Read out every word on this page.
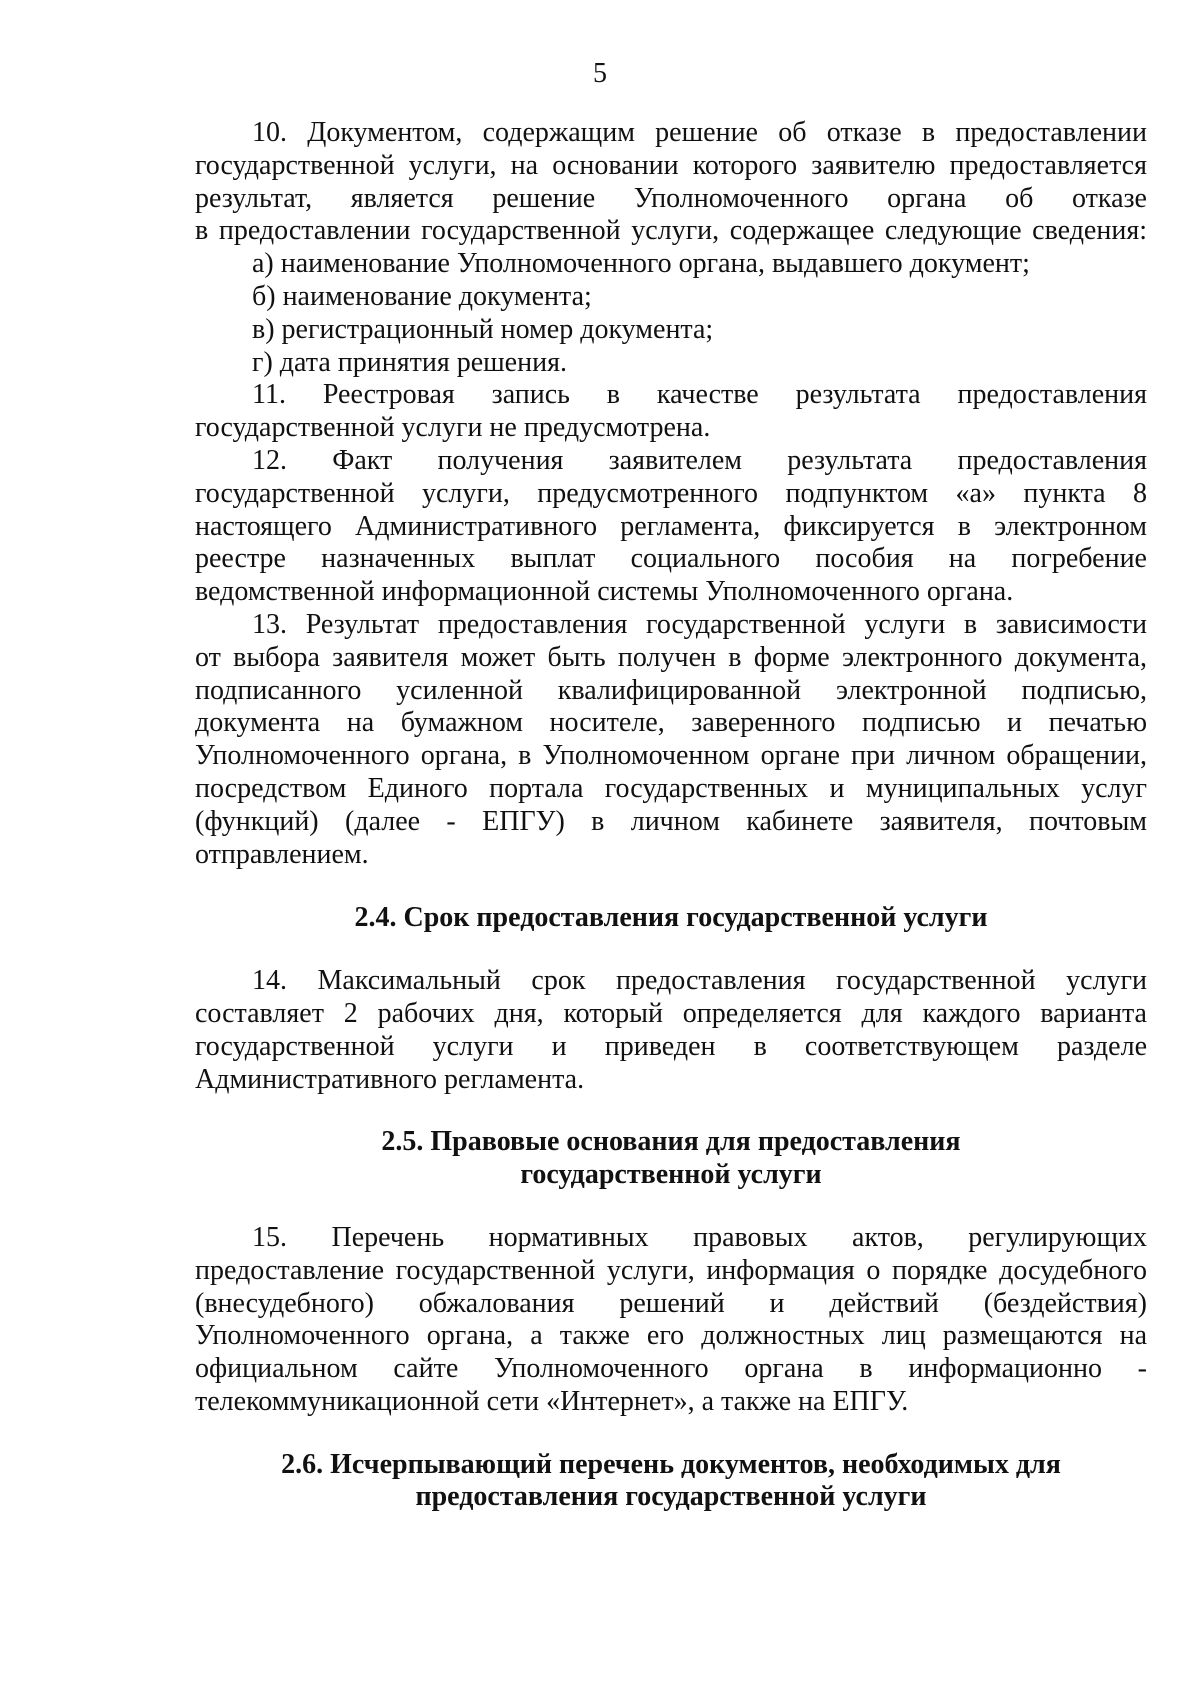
5
10. Документом, содержащим решение об отказе в предоставлении
государственной услуги, на основании которого заявителю предоставляется
результат, является решение Уполномоченного органа об отказе
в предоставлении государственной услуги, содержащее следующие сведения:
а) наименование Уполномоченного органа, выдавшего документ;
б) наименование документа;
в) регистрационный номер документа;
г) дата принятия решения.
11. Реестровая запись в качестве результата предоставления
государственной услуги не предусмотрена.
12. Факт получения заявителем результата предоставления
государственной услуги, предусмотренного подпунктом «а» пункта 8
настоящего Административного регламента, фиксируется в электронном
реестре назначенных выплат социального пособия на погребение
ведомственной информационной системы Уполномоченного органа.
13. Результат предоставления государственной услуги в зависимости
от выбора заявителя может быть получен в форме электронного документа,
подписанного усиленной квалифицированной электронной подписью,
документа на бумажном носителе, заверенного подписью и печатью
Уполномоченного органа, в Уполномоченном органе при личном обращении,
посредством Единого портала государственных и муниципальных услуг
(функций) (далее - ЕПГУ) в личном кабинете заявителя, почтовым
отправлением.
2.4. Срок предоставления государственной услуги
14. Максимальный срок предоставления государственной услуги
составляет 2 рабочих дня, который определяется для каждого варианта
государственной услуги и приведен в соответствующем разделе
Административного регламента.
2.5. Правовые основания для предоставления
государственной услуги
15. Перечень нормативных правовых актов, регулирующих
предоставление государственной услуги, информация о порядке досудебного
(внесудебного) обжалования решений и действий (бездействия)
Уполномоченного органа, а также его должностных лиц размещаются на
официальном сайте Уполномоченного органа в информационно -
телекоммуникационной сети «Интернет», а также на ЕПГУ.
2.6. Исчерпывающий перечень документов, необходимых для
предоставления государственной услуги
